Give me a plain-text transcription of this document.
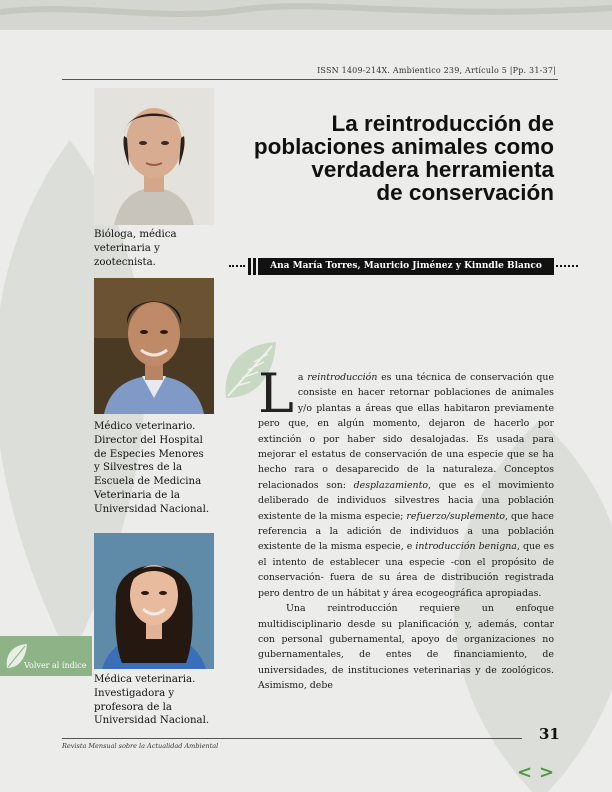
ISSN 1409-214X. Ambientico 239, Artículo 5 |Pp. 31-37|
Bióloga, médica
veterinaria y
zootecnista.
Médico veterinario.
Director del Hospital
de Especies Menores
y Silvestres de la
Escuela de Medicina
Veterinaria de la
Universidad Nacional.
Médica veterinaria.
Investigadora y
profesora de la
Universidad Nacional.
La reintroducción de
poblaciones animales como
verdadera herramienta
de conservación
Ana María Torres, Mauricio Jiménez y Kinndle Blanco

La reintroducción es una técnica de conservación que consiste en hacer retornar poblaciones de animales y/o plantas a áreas que ellas habitaron previamente pero que, en algún momento, dejaron de hacerlo por extinción o por haber sido desalojadas. Es usada para mejorar el estatus de conservación de una especie que se ha hecho rara o desaparecido de la naturaleza. Conceptos relacionados son: desplazamiento, que es el movimiento deliberado de individuos silvestres hacia una población existente de la misma especie; refuerzo/suplemento, que hace referencia a la adición de individuos a una población existente de la misma especie, e introducción benigna, que es el intento de establecer una especie -con el propósito de conservación- fuera de su área de distribución registrada pero dentro de un hábitat y área ecogeográfica apropiadas.

Una reintroducción requiere un enfoque multidisciplinario desde su planificación y, además, contar con personal gubernamental, apoyo de organizaciones no gubernamentales, de entes de financiamiento, de universidades, de instituciones veterinarias y de zoológicos. Asimismo, debe

Volver al índice
31
Revista Mensual sobre la Actualidad Ambiental
< >
